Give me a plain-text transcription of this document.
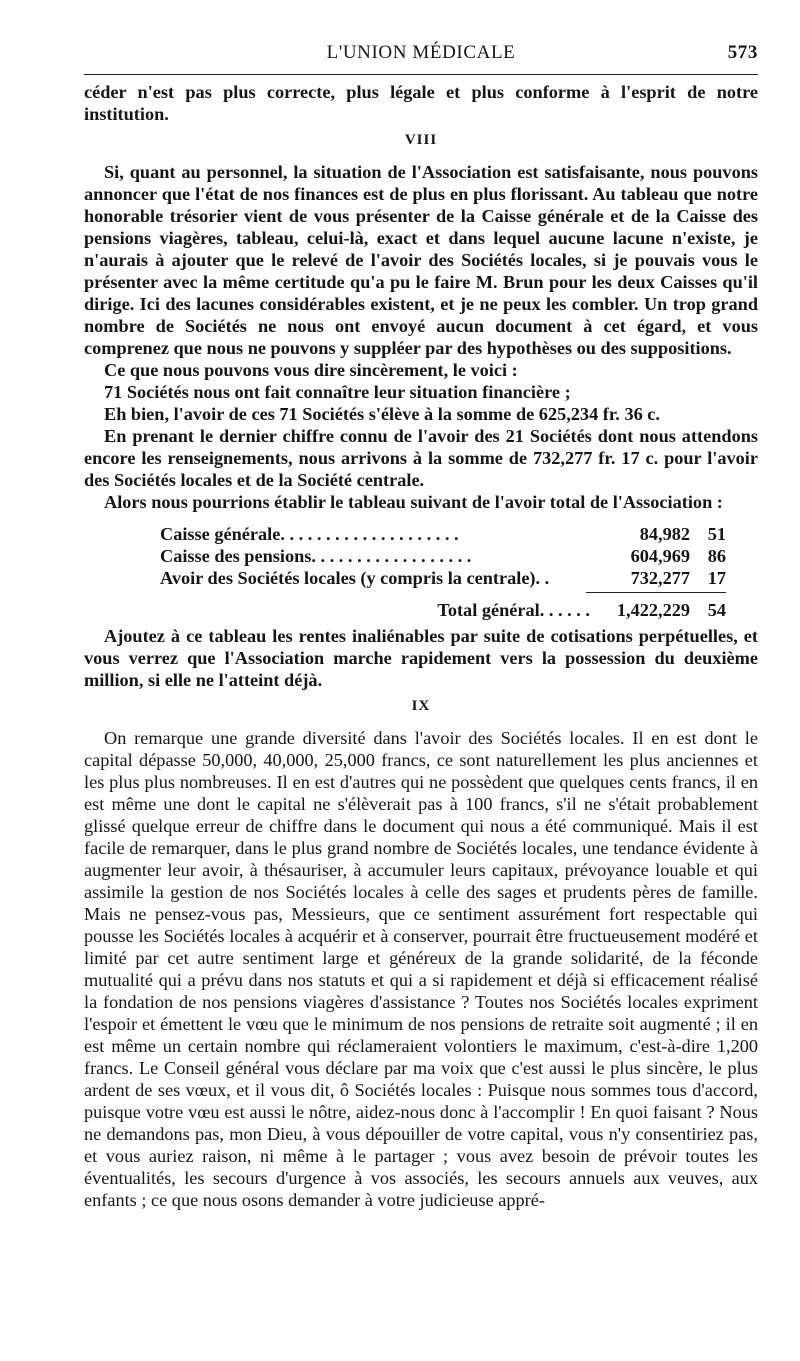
L'UNION MÉDICALE	573

céder n'est pas plus correcte, plus légale et plus conforme à l'esprit de notre institution.

VIII

Si, quant au personnel, la situation de l'Association est satisfaisante, nous pouvons annoncer que l'état de nos finances est de plus en plus florissant. Au tableau que notre honorable trésorier vient de vous présenter de la Caisse générale et de la Caisse des pensions viagères, tableau, celui-là, exact et dans lequel aucune lacune n'existe, je n'aurais à ajouter que le relevé de l'avoir des Sociétés locales, si je pouvais vous le présenter avec la même certitude qu'a pu le faire M. Brun pour les deux Caisses qu'il dirige. Ici des lacunes considérables existent, et je ne peux les combler. Un trop grand nombre de Sociétés ne nous ont envoyé aucun document à cet égard, et vous comprenez que nous ne pouvons y suppléer par des hypothèses ou des suppositions.

Ce que nous pouvons vous dire sincèrement, le voici :

71 Sociétés nous ont fait connaître leur situation financière ;

Eh bien, l'avoir de ces 71 Sociétés s'élève à la somme de 625,234 fr. 36 c.

En prenant le dernier chiffre connu de l'avoir des 21 Sociétés dont nous attendons encore les renseignements, nous arrivons à la somme de 732,277 fr. 17 c. pour l'avoir des Sociétés locales et de la Société centrale.

Alors nous pourrions établir le tableau suivant de l'avoir total de l'Association :

Caisse générale. . . . . . . . . . . . . . . . . . . .	84,982 51
Caisse des pensions. . . . . . . . . . . . . . . . . .	604,969 86
Avoir des Sociétés locales (y compris la centrale). .	732,277 17
Total général. . . . . .	1,422,229 54

Ajoutez à ce tableau les rentes inaliénables par suite de cotisations perpétuelles, et vous verrez que l'Association marche rapidement vers la possession du deuxième million, si elle ne l'atteint déjà.

IX

On remarque une grande diversité dans l'avoir des Sociétés locales. Il en est dont le capital dépasse 50,000, 40,000, 25,000 francs, ce sont naturellement les plus anciennes et les plus plus nombreuses. Il en est d'autres qui ne possèdent que quelques cents francs, il en est même une dont le capital ne s'élèverait pas à 100 francs, s'il ne s'était probablement glissé quelque erreur de chiffre dans le document qui nous a été communiqué. Mais il est facile de remarquer, dans le plus grand nombre de Sociétés locales, une tendance évidente à augmenter leur avoir, à thésauriser, à accumuler leurs capitaux, prévoyance louable et qui assimile la gestion de nos Sociétés locales à celle des sages et prudents pères de famille. Mais ne pensez-vous pas, Messieurs, que ce sentiment assurément fort respectable qui pousse les Sociétés locales à acquérir et à conserver, pourrait être fructueusement modéré et limité par cet autre sentiment large et généreux de la grande solidarité, de la féconde mutualité qui a prévu dans nos statuts et qui a si rapidement et déjà si efficacement réalisé la fondation de nos pensions viagères d'assistance ? Toutes nos Sociétés locales expriment l'espoir et émettent le vœu que le minimum de nos pensions de retraite soit augmenté ; il en est même un certain nombre qui réclameraient volontiers le maximum, c'est-à-dire 1,200 francs. Le Conseil général vous déclare par ma voix que c'est aussi le plus sincère, le plus ardent de ses vœux, et il vous dit, ô Sociétés locales : Puisque nous sommes tous d'accord, puisque votre vœu est aussi le nôtre, aidez-nous donc à l'accomplir ! En quoi faisant ? Nous ne demandons pas, mon Dieu, à vous dépouiller de votre capital, vous n'y consentiriez pas, et vous auriez raison, ni même à le partager ; vous avez besoin de prévoir toutes les éventualités, les secours d'urgence à vos associés, les secours annuels aux veuves, aux enfants ; ce que nous osons demander à votre judicieuse appré-
